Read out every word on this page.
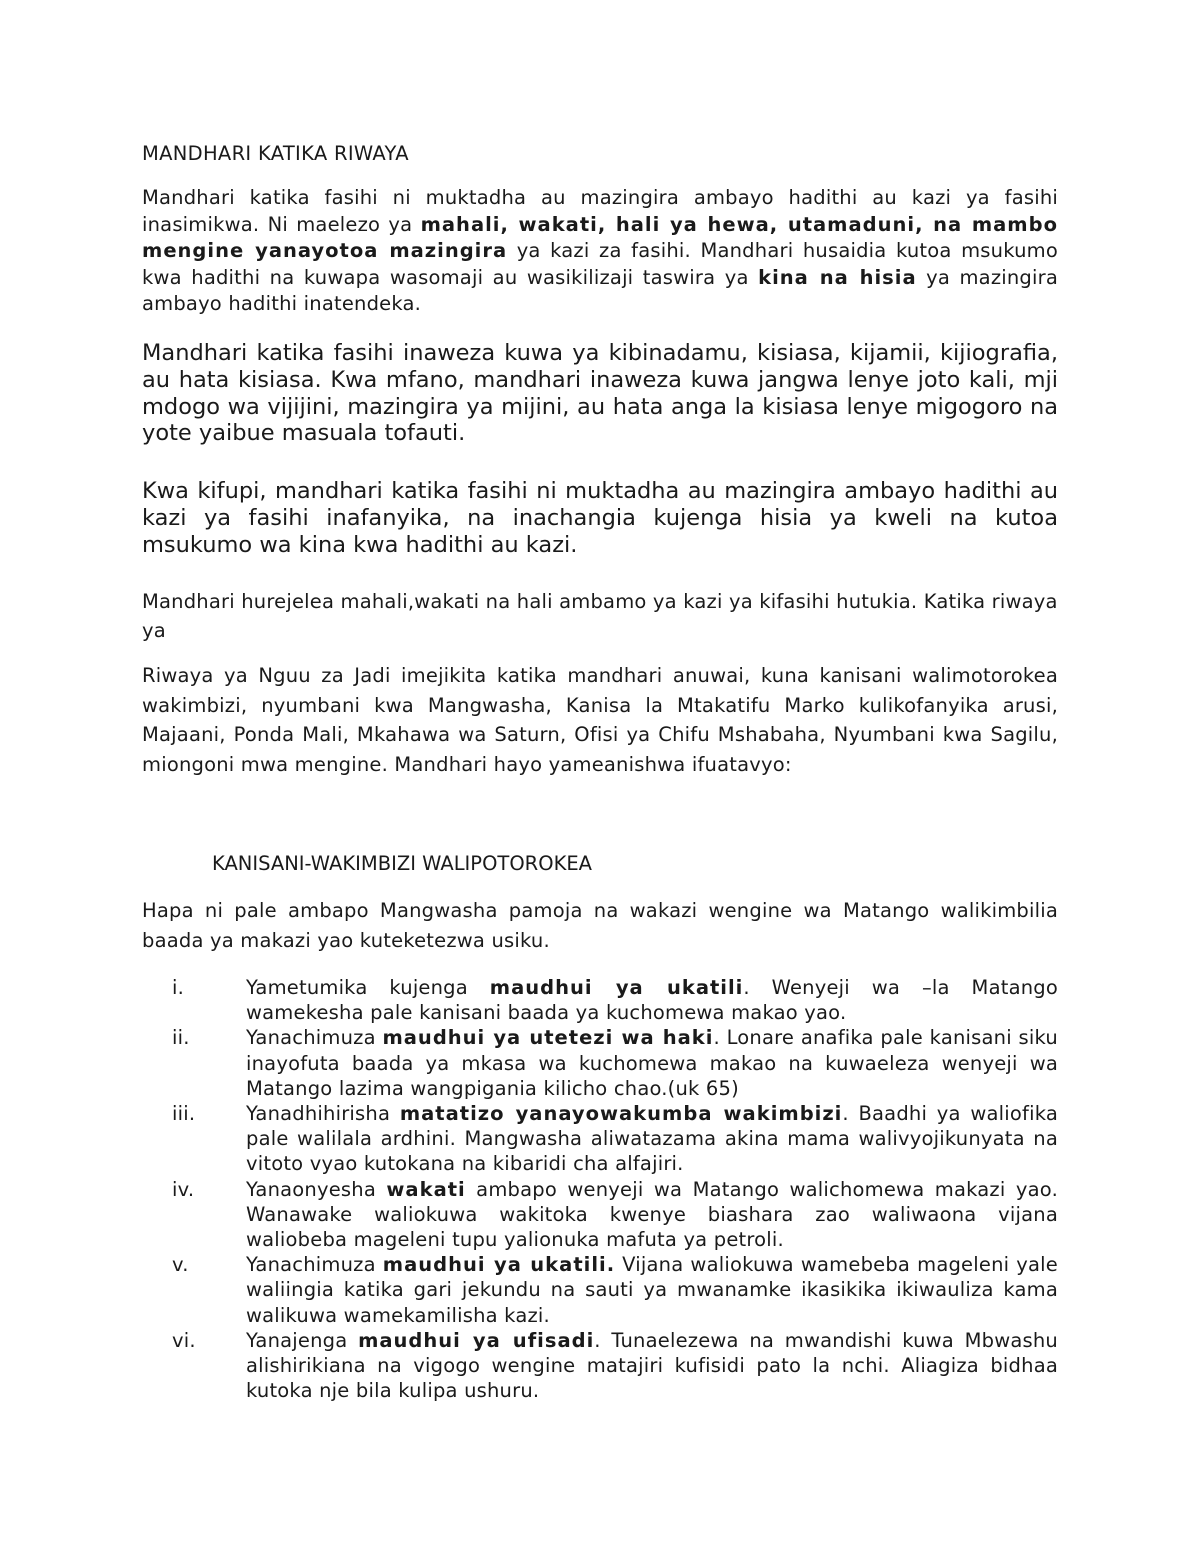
MANDHARI KATIKA RIWAYA

Mandhari katika fasihi ni muktadha au mazingira ambayo hadithi au kazi ya fasihi inasimikwa. Ni maelezo ya mahali, wakati, hali ya hewa, utamaduni, na mambo mengine yanayotoa mazingira ya kazi za fasihi. Mandhari husaidia kutoa msukumo kwa hadithi na kuwapa wasomaji au wasikilizaji taswira ya kina na hisia ya mazingira ambayo hadithi inatendeka.

Mandhari katika fasihi inaweza kuwa ya kibinadamu, kisiasa, kijamii, kijiografia, au hata kisiasa. Kwa mfano, mandhari inaweza kuwa jangwa lenye joto kali, mji mdogo wa vijijini, mazingira ya mijini, au hata anga la kisiasa lenye migogoro na yote yaibue masuala tofauti.

Kwa kifupi, mandhari katika fasihi ni muktadha au mazingira ambayo hadithi au kazi ya fasihi inafanyika, na inachangia kujenga hisia ya kweli na kutoa msukumo wa kina kwa hadithi au kazi.

Mandhari hurejelea mahali,wakati na hali ambamo ya kazi ya kifasihi hutukia. Katika riwaya ya

Riwaya ya Nguu za Jadi imejikita katika mandhari anuwai, kuna kanisani walimotorokea wakimbizi, nyumbani kwa Mangwasha, Kanisa la Mtakatifu Marko kulikofanyika arusi, Majaani, Ponda Mali, Mkahawa wa Saturn, Ofisi ya Chifu Mshabaha, Nyumbani kwa Sagilu, miongoni mwa mengine. Mandhari hayo yameanishwa ifuatavyo:

KANISANI-WAKIMBIZI WALIPOTOROKEA

Hapa ni pale ambapo Mangwasha pamoja na wakazi wengine wa Matango walikimbilia baada ya makazi yao kuteketezwa usiku.

i.	Yametumika kujenga maudhui ya ukatili. Wenyeji wa –la Matango wamekesha pale kanisani baada ya kuchomewa makao yao.
ii.	Yanachimuza maudhui ya utetezi wa haki. Lonare anafika pale kanisani siku inayofuta baada ya mkasa wa kuchomewa makao na kuwaeleza wenyeji wa Matango lazima wangpigania kilicho chao.(uk 65)
iii.	Yanadhihirisha matatizo yanayowakumba wakimbizi. Baadhi ya waliofika pale walilala ardhini. Mangwasha aliwatazama akina mama walivyojikunyata na vitoto vyao kutokana na kibaridi cha alfajiri.
iv.	Yanaonyesha wakati ambapo wenyeji wa Matango walichomewa makazi yao. Wanawake waliokuwa wakitoka kwenye biashara zao waliwaona vijana waliobeba mageleni tupu yalionuka mafuta ya petroli.
v.	Yanachimuza maudhui ya ukatili. Vijana waliokuwa wamebeba mageleni yale waliingia katika gari jekundu na sauti ya mwanamke ikasikika ikiwauliza kama walikuwa wamekamilisha kazi.
vi.	Yanajenga maudhui ya ufisadi. Tunaelezewa na mwandishi kuwa Mbwashu alishirikiana na vigogo wengine matajiri kufisidi pato la nchi. Aliagiza bidhaa kutoka nje bila kulipa ushuru.
